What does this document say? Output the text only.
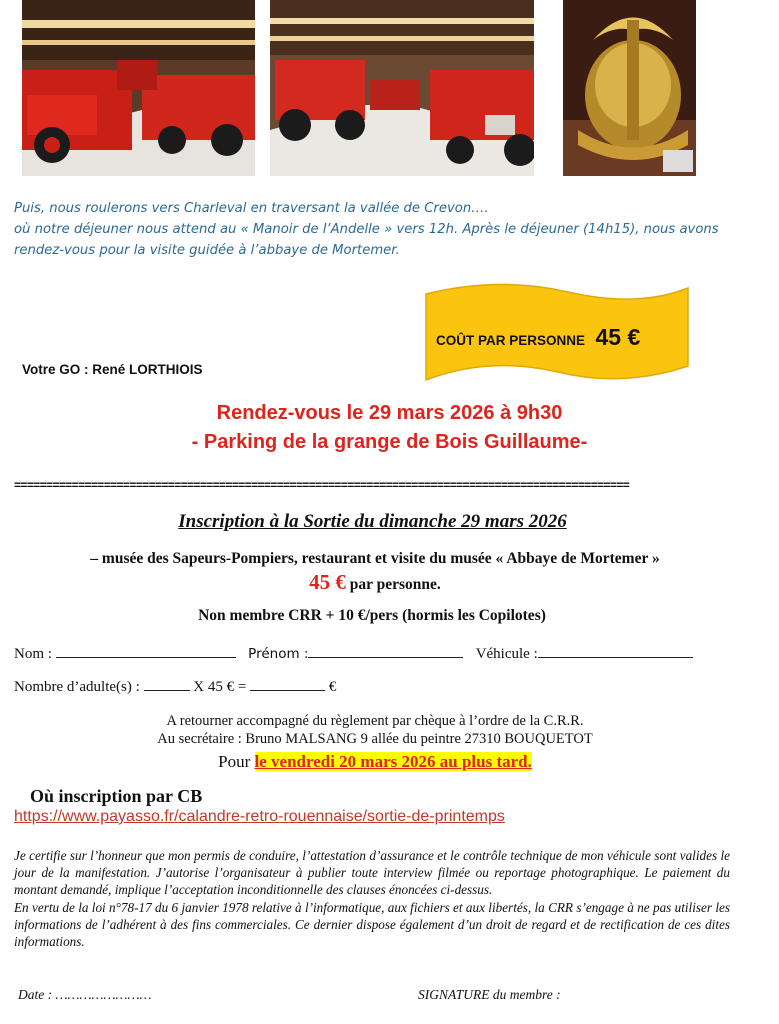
Puis, nous roulerons vers Charleval en traversant la vallée de Crevon….
où notre déjeuner nous attend au « Manoir de l’Andelle » vers 12h. Après le déjeuner (14h15), nous avons rendez-vous pour la visite guidée à l’abbaye de Mortemer.
Votre GO : René LORTHIOIS
COÛT PAR PERSONNE 45 €
Rendez-vous le 29 mars 2026 à 9h30
- Parking de la grange de Bois Guillaume-
================================================================================================
Inscription à la Sortie du dimanche 29 mars 2026
– musée des Sapeurs-Pompiers, restaurant et visite du musée « Abbaye de Mortemer »
45 € par personne.
Non membre CRR + 10 €/pers (hormis les Copilotes)
Nom :	Prénom :	Véhicule :
Nombre d’adulte(s) :	X 45 € =	€
A retourner accompagné du règlement par chèque à l’ordre de la C.R.R.
Au secrétaire : Bruno MALSANG 9 allée du peintre 27310 BOUQUETOT
Pour le vendredi 20 mars 2026 au plus tard.
Où inscription par CB
https://www.payasso.fr/calandre-retro-rouennaise/sortie-de-printemps

Je certifie sur l’honneur que mon permis de conduire, l’attestation d’assurance et le contrôle technique de mon véhicule sont valides le jour de la manifestation. J’autorise l’organisateur à publier toute interview filmée ou reportage photographique. Le paiement du montant demandé, implique l’acceptation inconditionnelle des clauses énoncées ci-dessus.

En vertu de la loi n°78-17 du 6 janvier 1978 relative à l’informatique, aux fichiers et aux libertés, la CRR s’engage à ne pas utiliser les informations de l’adhérent à des fins commerciales. Ce dernier dispose également d’un droit de regard et de rectification de ces dites informations.

Date : ……………………	SIGNATURE du membre :
